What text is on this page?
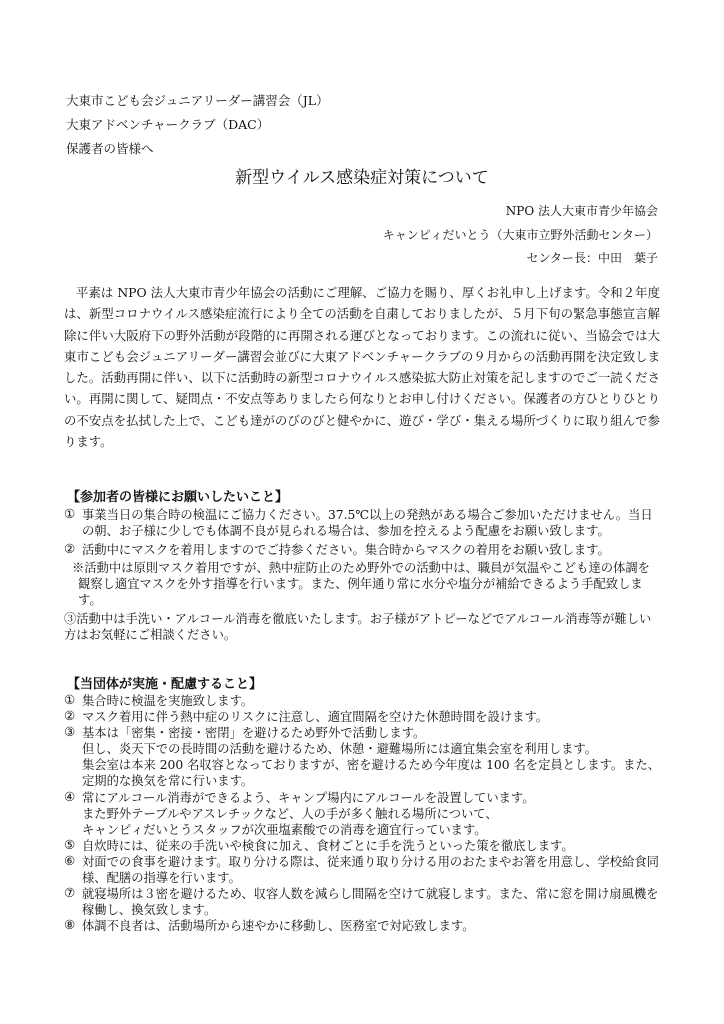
大東市こども会ジュニアリーダー講習会（JL）
大東アドベンチャークラブ（DAC）
保護者の皆様へ
新型ウイルス感染症対策について
NPO 法人大東市青少年協会
キャンピィだいとう（大東市立野外活動センター）
センター長：中田　葉子
平素は NPO 法人大東市青少年協会の活動にご理解、ご協力を賜り、厚くお礼申し上げます。令和２年度は、新型コロナウイルス感染症流行により全ての活動を自粛しておりましたが、５月下旬の緊急事態宣言解除に伴い大阪府下の野外活動が段階的に再開される運びとなっております。この流れに従い、当協会では大東市こども会ジュニアリーダー講習会並びに大東アドベンチャークラブの９月からの活動再開を決定致しました。活動再開に伴い、以下に活動時の新型コロナウイルス感染拡大防止対策を記しますのでご一読ください。再開に関して、疑問点・不安点等ありましたら何なりとお申し付けください。保護者の方ひとりひとりの不安点を払拭した上で、こども達がのびのびと健やかに、遊び・学び・集える場所づくりに取り組んで参ります。
【参加者の皆様にお願いしたいこと】
① 事業当日の集合時の検温にご協力ください。37.5℃以上の発熱がある場合ご参加いただけません。当日の朝、お子様に少しでも体調不良が見られる場合は、参加を控えるよう配慮をお願い致します。
② 活動中にマスクを着用しますのでご持参ください。集合時からマスクの着用をお願い致します。
※活動中は原則マスク着用ですが、熱中症防止のため野外での活動中は、職員が気温やこども達の体調を観察し適宜マスクを外す指導を行います。また、例年通り常に水分や塩分が補給できるよう手配致します。
③活動中は手洗い・アルコール消毒を徹底いたします。お子様がアトピーなどでアルコール消毒等が難しい方はお気軽にご相談ください。
【当団体が実施・配慮すること】
① 集合時に検温を実施致します。
② マスク着用に伴う熱中症のリスクに注意し、適宜間隔を空けた休憩時間を設けます。
③ 基本は「密集・密接・密閉」を避けるため野外で活動します。
但し、炎天下での長時間の活動を避けるため、休憩・避難場所には適宜集会室を利用します。
集会室は本来 200 名収容となっておりますが、密を避けるため今年度は 100 名を定員とします。また、定期的な換気を常に行います。
④ 常にアルコール消毒ができるよう、キャンプ場内にアルコールを設置しています。
また野外テーブルやアスレチックなど、人の手が多く触れる場所について、
キャンピィだいとうスタッフが次亜塩素酸での消毒を適宜行っています。
⑤ 自炊時には、従来の手洗いや検食に加え、食材ごとに手を洗うといった策を徹底します。
⑥ 対面での食事を避けます。取り分ける際は、従来通り取り分ける用のおたまやお箸を用意し、学校給食同様、配膳の指導を行います。
⑦ 就寝場所は３密を避けるため、収容人数を減らし間隔を空けて就寝します。また、常に窓を開け扇風機を稼働し、換気致します。
⑧ 体調不良者は、活動場所から速やかに移動し、医務室で対応致します。
